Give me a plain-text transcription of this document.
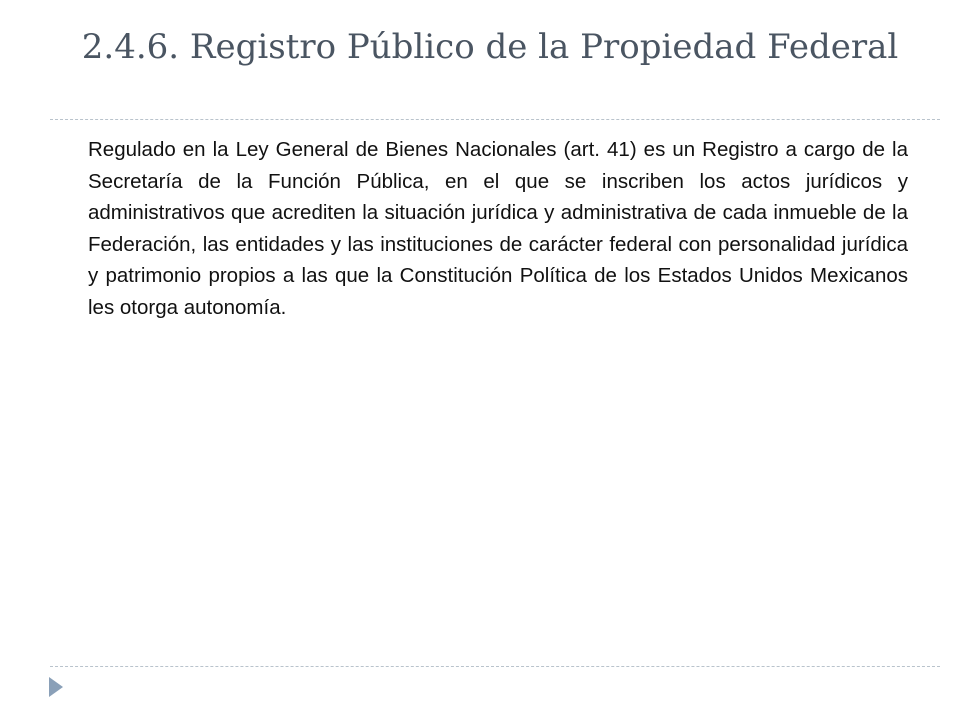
2.4.6. Registro Público de la Propiedad Federal

Regulado en la Ley General de Bienes Nacionales (art. 41) es un Registro a cargo de la Secretaría de la Función Pública, en el que se inscriben los actos jurídicos y administrativos que acrediten la situación jurídica y administrativa de cada inmueble de la Federación, las entidades y las instituciones de carácter federal con personalidad jurídica y patrimonio propios a las que la Constitución Política de los Estados Unidos Mexicanos les otorga autonomía.
